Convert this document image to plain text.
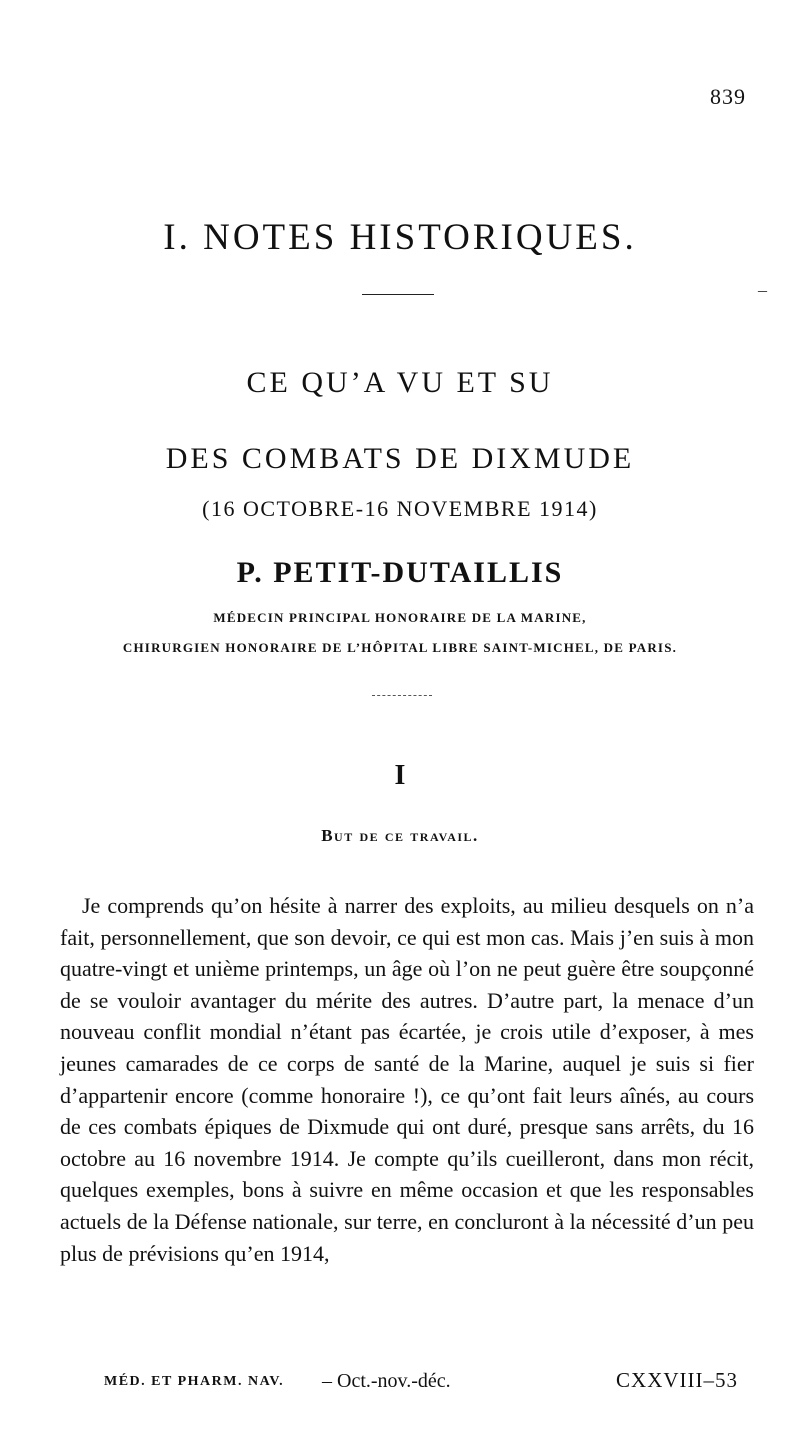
839
I. NOTES HISTORIQUES.
–
CE QU’A VU ET SU
DES COMBATS DE DIXMUDE
(16 OCTOBRE-16 NOVEMBRE 1914)
P. PETIT-DUTAILLIS
MÉDECIN PRINCIPAL HONORAIRE DE LA MARINE,
CHIRURGIEN HONORAIRE DE L’HÔPITAL LIBRE SAINT-MICHEL, DE PARIS.
I
But de ce travail.

Je comprends qu’on hésite à narrer des exploits, au milieu desquels on n’a fait, personnellement, que son devoir, ce qui est mon cas. Mais j’en suis à mon quatre-vingt et unième printemps, un âge où l’on ne peut guère être soupçonné de se vouloir avantager du mérite des autres. D’autre part, la menace d’un nouveau conflit mondial n’étant pas écartée, je crois utile d’exposer, à mes jeunes camarades de ce corps de santé de la Marine, auquel je suis si fier d’appartenir encore (comme honoraire !), ce qu’ont fait leurs aînés, au cours de ces combats épiques de Dixmude qui ont duré, presque sans arrêts, du 16 octobre au 16 novembre 1914. Je compte qu’ils cueilleront, dans mon récit, quelques exemples, bons à suivre en même occasion et que les responsables actuels de la Défense nationale, sur terre, en concluront à la nécessité d’un peu plus de prévisions qu’en 1914,

MÉD. ET PHARM. NAV. – Oct.-nov.-déc.	CXXVIII–53
